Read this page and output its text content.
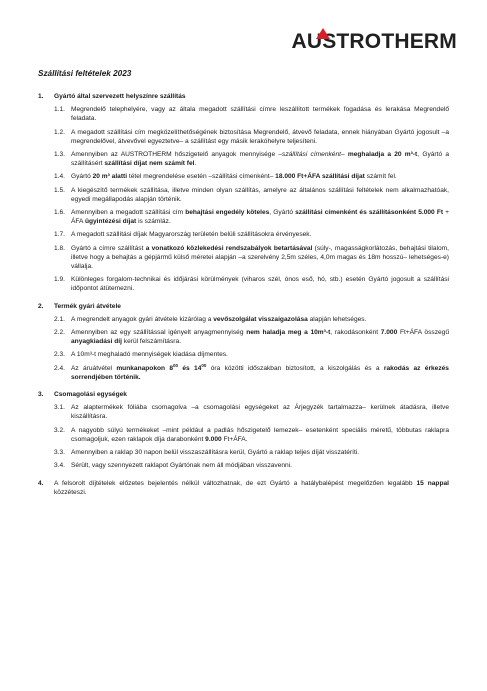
AUSTROTHERM
Szállítási feltételek 2023
1.	Gyártó által szervezett helyszínre szállítás
1.1. Megrendelő telephelyére, vagy az általa megadott szállítási címre leszállított termékek fogadása és lerakása Megrendelő feladata.
1.2. A megadott szállítási cím megközelíthetőségének biztosítása Megrendelő, átvevő feladata, ennek hiányában Gyártó jogosult –a megrendelővel, átvevővel egyeztetve– a szállítást egy másik lerakóhelyre teljesíteni.
1.3. Amennyiben az AUSTROTHERM hőszigetelő anyagok mennyisége –szállítási címenként– meghaladja a 20 m³-t, Gyártó a szállításért szállítási díjat nem számít fel.
1.4. Gyártó 20 m³ alatti tétel megrendelése esetén –szállítási címenként– 18.000 Ft+ÁFA szállítási díjat számít fel.
1.5. A kiegészítő termékek szállítása, illetve minden olyan szállítás, amelyre az általános szállítási feltételek nem alkalmazhatóak, egyedi megállapodás alapján történik.
1.6. Amennyiben a megadott szállítási cím behajtási engedély köteles, Gyártó szállítási címenként és szállításonként 5.000 Ft + ÁFA ügyintézési díjat is számláz.
1.7. A megadott szállítási díjak Magyarország területén belüli szállításokra érvényesek.
1.8. Gyártó a címre szállítást a vonatkozó közlekedési rendszabályok betartásával (súly-, magasságkorlátozás, behajtási tilalom, illetve hogy a behajtás a gépjármű külső méretei alapján –a szerelvény 2,5m széles, 4,0m magas és 18m hosszú– lehetséges-e) vállalja.
1.9. Különleges forgalom-technikai és időjárási körülmények (viharos szél, ónos eső, hó, stb.) esetén Gyártó jogosult a szállítási időpontot átütemezni.
2.	Termék gyári átvétele
2.1. A megrendelt anyagok gyári átvétele kizárólag a vevőszolgálat visszaigazolása alapján lehetséges.
2.2. Amennyiben az egy szállítással igényelt anyagmennyiség nem haladja meg a 10m³-t, rakodásonként 7.000 Ft+ÁFA összegű anyagkiadási díj kerül felszámításra.
2.3. A 10m³-t meghaladó mennyiségek kiadása díjmentes.
2.4. Az áruátvétel munkanapokon $8^{00}$ és $14^{00}$ óra közötti időszakban biztosított, a kiszolgálás és a rakodás az érkezés sorrendjében történik.
3.	Csomagolási egységek
3.1. Az alaptermékek fóliába csomagolva –a csomagolási egységeket az Árjegyzék tartalmazza– kerülnek átadásra, illetve kiszállításra.
3.2. A nagyobb súlyú termékeket –mint például a padlás hőszigetelő lemezek– esetenként speciális méretű, többutas raklapra csomagoljuk, ezen raklapok díja darabonként 9.000 Ft+ÁFA.
3.3. Amennyiben a raklap 30 napon belül visszaszállításra kerül, Gyártó a raklap teljes díját visszatéríti.
3.4. Sérült, vagy szennyezett raklapot Gyártónak nem áll módjában visszavenni.
4.	A felsorolt díjtételek előzetes bejelentés nélkül változhatnak, de ezt Gyártó a hatálybalépést megelőzően legalább 15 nappal közzéteszi.
